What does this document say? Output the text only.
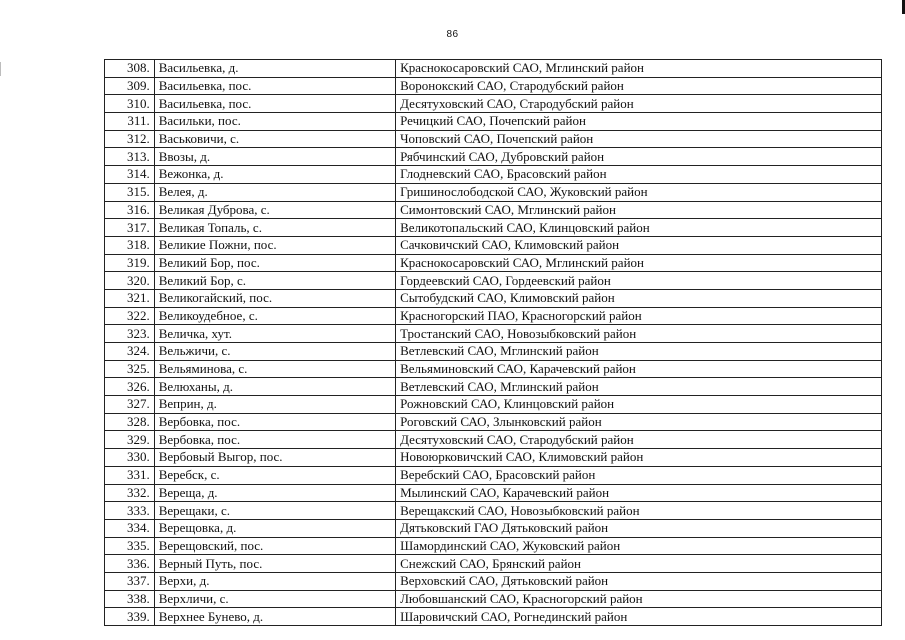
86
308.	Васильевка, д.	Краснокосаровский САО, Мглинский район
309.	Васильевка, пос.	Воронокский САО, Стародубский район
310.	Васильевка, пос.	Десятуховский САО, Стародубский район
311.	Васильки, пос.	Речицкий САО, Почепский район
312.	Васьковичи, с.	Чоповский САО, Почепский район
313.	Ввозы, д.	Рябчинский САО, Дубровский район
314.	Вежонка, д.	Глодневский САО, Брасовский район
315.	Велея, д.	Гришинослободской САО, Жуковский район
316.	Великая Дуброва, с.	Симонтовский САО, Мглинский район
317.	Великая Топаль, с.	Великотопальский САО, Клинцовский район
318.	Великие Пожни, пос.	Сачковичский САО, Климовский район
319.	Великий Бор, пос.	Краснокосаровский САО, Мглинский район
320.	Великий Бор, с.	Гордеевский САО, Гордеевский район
321.	Великогайский, пос.	Сытобудский САО, Климовский район
322.	Великоудебное, с.	Красногорский ПАО, Красногорский район
323.	Величка, хут.	Тростанский САО, Новозыбковский район
324.	Вельжичи, с.	Ветлевский САО, Мглинский район
325.	Вельяминова, с.	Вельяминовский САО, Карачевский район
326.	Велюханы, д.	Ветлевский САО, Мглинский район
327.	Веприн, д.	Рожновский САО, Клинцовский район
328.	Вербовка, пос.	Роговский САО, Злынковский район
329.	Вербовка, пос.	Десятуховский САО, Стародубский район
330.	Вербовый Выгор, пос.	Новоюрковичский САО, Климовский район
331.	Веребск, с.	Веребский САО, Брасовский район
332.	Вереща, д.	Мылинский САО, Карачевский район
333.	Верещаки, с.	Верещакский САО, Новозыбковский район
334.	Верещовка, д.	Дятьковский ГАО Дятьковский район
335.	Верещовский, пос.	Шамординский САО, Жуковский район
336.	Верный Путь, пос.	Снежский САО, Брянский район
337.	Верхи, д.	Верховский САО, Дятьковский район
338.	Верхличи, с.	Любовшанский САО, Красногорский район
339.	Верхнее Бунево, д.	Шаровичский САО, Рогнединский район
